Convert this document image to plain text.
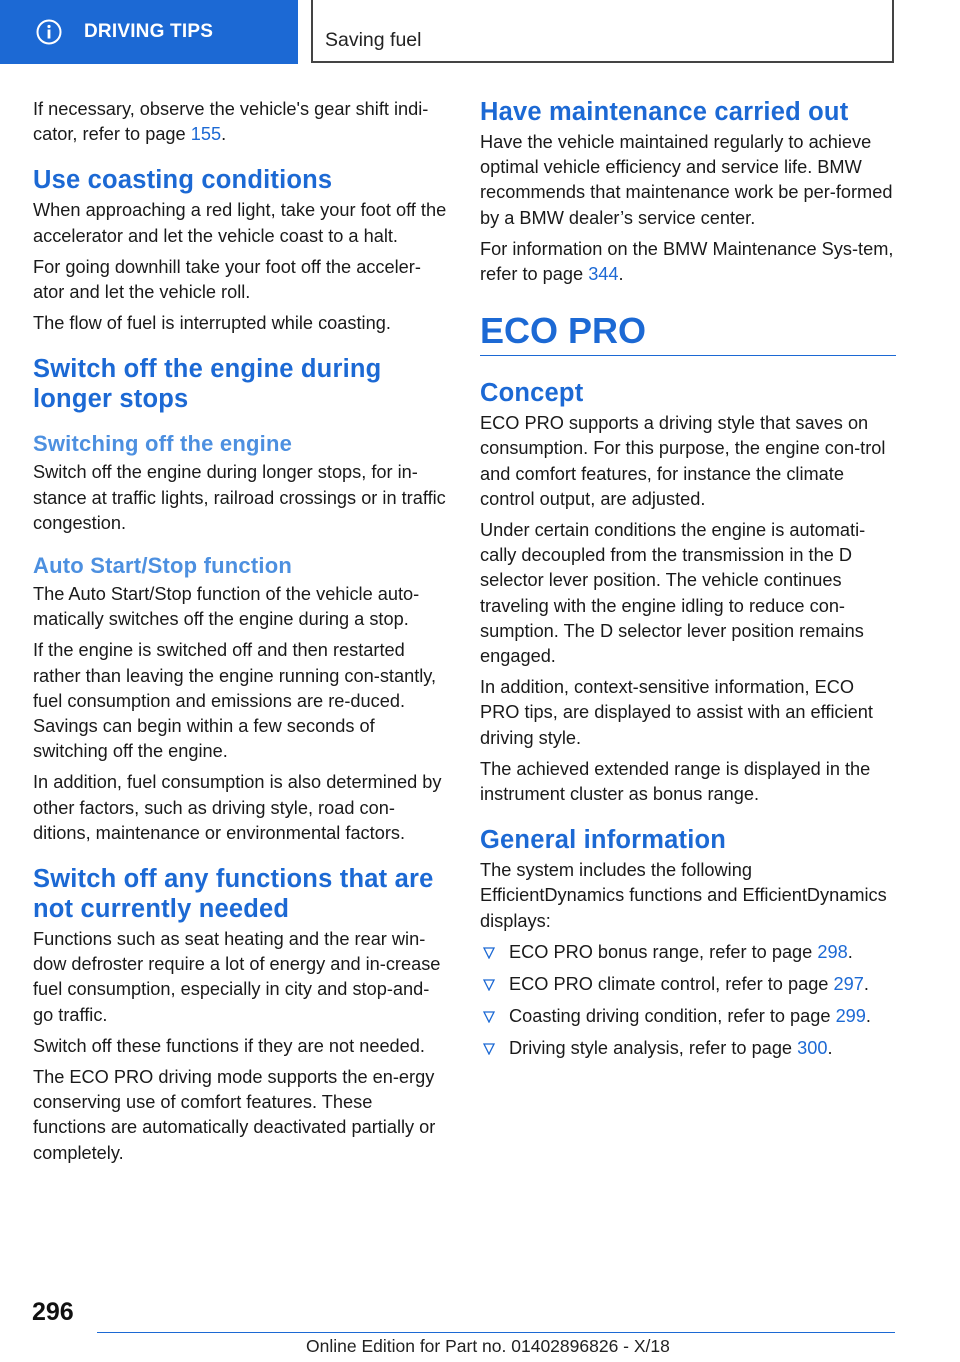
DRIVING TIPS	Saving fuel

If necessary, observe the vehicle's gear shift indi-cator, refer to page 155.

Use coasting conditions

When approaching a red light, take your foot off the accelerator and let the vehicle coast to a halt.

For going downhill take your foot off the acceler-ator and let the vehicle roll.

The flow of fuel is interrupted while coasting.

Switch off the engine during longer stops
Switching off the engine

Switch off the engine during longer stops, for in-stance at traffic lights, railroad crossings or in traffic congestion.

Auto Start/Stop function

The Auto Start/Stop function of the vehicle auto-matically switches off the engine during a stop.

If the engine is switched off and then restarted rather than leaving the engine running con-stantly, fuel consumption and emissions are re-duced. Savings can begin within a few seconds of switching off the engine.

In addition, fuel consumption is also determined by other factors, such as driving style, road con-ditions, maintenance or environmental factors.

Switch off any functions that are not currently needed

Functions such as seat heating and the rear win-dow defroster require a lot of energy and in-crease fuel consumption, especially in city and stop-and-go traffic.

Switch off these functions if they are not needed.

The ECO PRO driving mode supports the en-ergy conserving use of comfort features. These functions are automatically deactivated partially or completely.

Have maintenance carried out

Have the vehicle maintained regularly to achieve optimal vehicle efficiency and service life. BMW recommends that maintenance work be per-formed by a BMW dealer’s service center.

For information on the BMW Maintenance Sys-tem, refer to page 344.

ECO PRO
Concept

ECO PRO supports a driving style that saves on consumption. For this purpose, the engine con-trol and comfort features, for instance the climate control output, are adjusted.

Under certain conditions the engine is automati-cally decoupled from the transmission in the D selector lever position. The vehicle continues traveling with the engine idling to reduce con-sumption. The D selector lever position remains engaged.

In addition, context-sensitive information, ECO PRO tips, are displayed to assist with an efficient driving style.

The achieved extended range is displayed in the instrument cluster as bonus range.

General information

The system includes the following EfficientDynamics functions and EfficientDynamics displays:

ECO PRO bonus range, refer to page 298.
ECO PRO climate control, refer to page 297.
Coasting driving condition, refer to page 299.
Driving style analysis, refer to page 300.
296
Online Edition for Part no. 01402896826 - X/18
